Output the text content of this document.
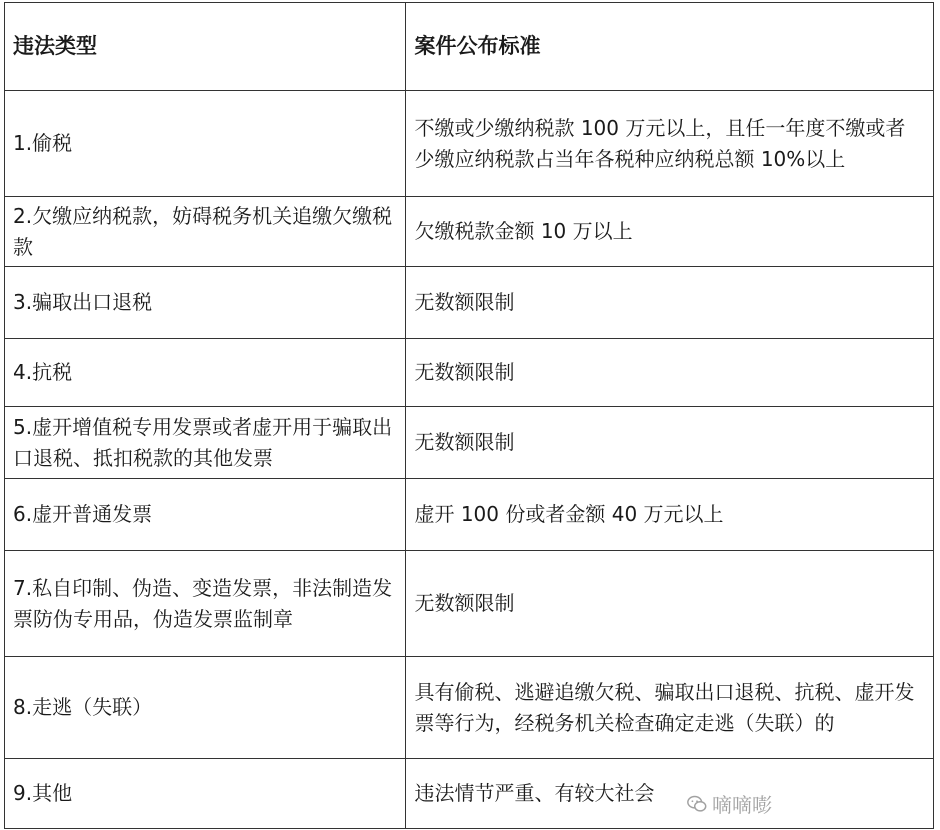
违法类型	案件公布标准
1.偷税	不缴或少缴纳税款 100 万元以上，且任一年度不缴或者少缴应纳税款占当年各税种应纳税总额 10%以上
2.欠缴应纳税款，妨碍税务机关追缴欠缴税款	欠缴税款金额 10 万以上
3.骗取出口退税	无数额限制
4.抗税	无数额限制
5.虚开增值税专用发票或者虚开用于骗取出口退税、抵扣税款的其他发票	无数额限制
6.虚开普通发票	虚开 100 份或者金额 40 万元以上
7.私自印制、伪造、变造发票，非法制造发票防伪专用品，伪造发票监制章	无数额限制
8.走逃（失联）	具有偷税、逃避追缴欠税、骗取出口退税、抗税、虚开发票等行为，经税务机关检查确定走逃（失联）的
9.其他	违法情节严重、有较大社会	嘀嘀嘭
